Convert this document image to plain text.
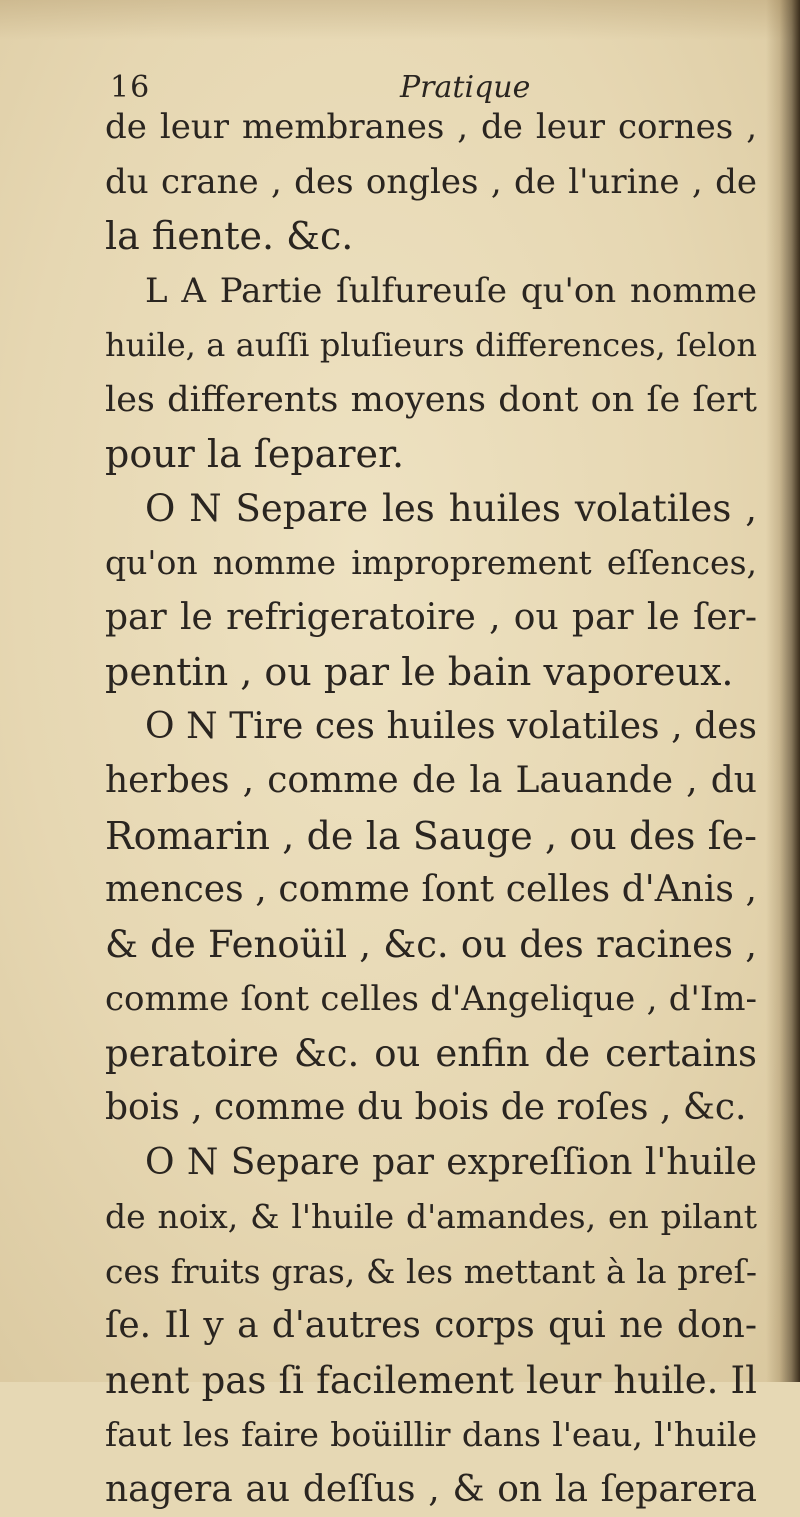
16	Pratique
de leur membranes , de leur cornes ,
du crane , des ongles , de l'urine , de
la fiente. &c.
L A Partie ſulfureuſe qu'on nomme
huile, a auſſi pluſieurs differences, ſelon
les differents moyens dont on ſe ſert
pour la ſeparer.
O N Separe les huiles volatiles ,
qu'on nomme improprement eſſences,
par le refrigeratoire , ou par le ſer-
pentin , ou par le bain vaporeux.
O N Tire ces huiles volatiles , des
herbes , comme de la Lauande , du
Romarin , de la Sauge , ou des ſe-
mences , comme ſont celles d'Anis ,
& de Fenoüil , &c. ou des racines ,
comme ſont celles d'Angelique , d'Im-
peratoire &c. ou enfin de certains
bois , comme du bois de roſes , &c.
O N Separe par expreſſion l'huile
de noix, & l'huile d'amandes, en pilant
ces fruits gras, & les mettant à la preſ-
ſe. Il y a d'autres corps qui ne don-
nent pas ſi facilement leur huile. Il
faut les faire boüillir dans l'eau, l'huile
nagera au deſſus , & on la ſeparera
